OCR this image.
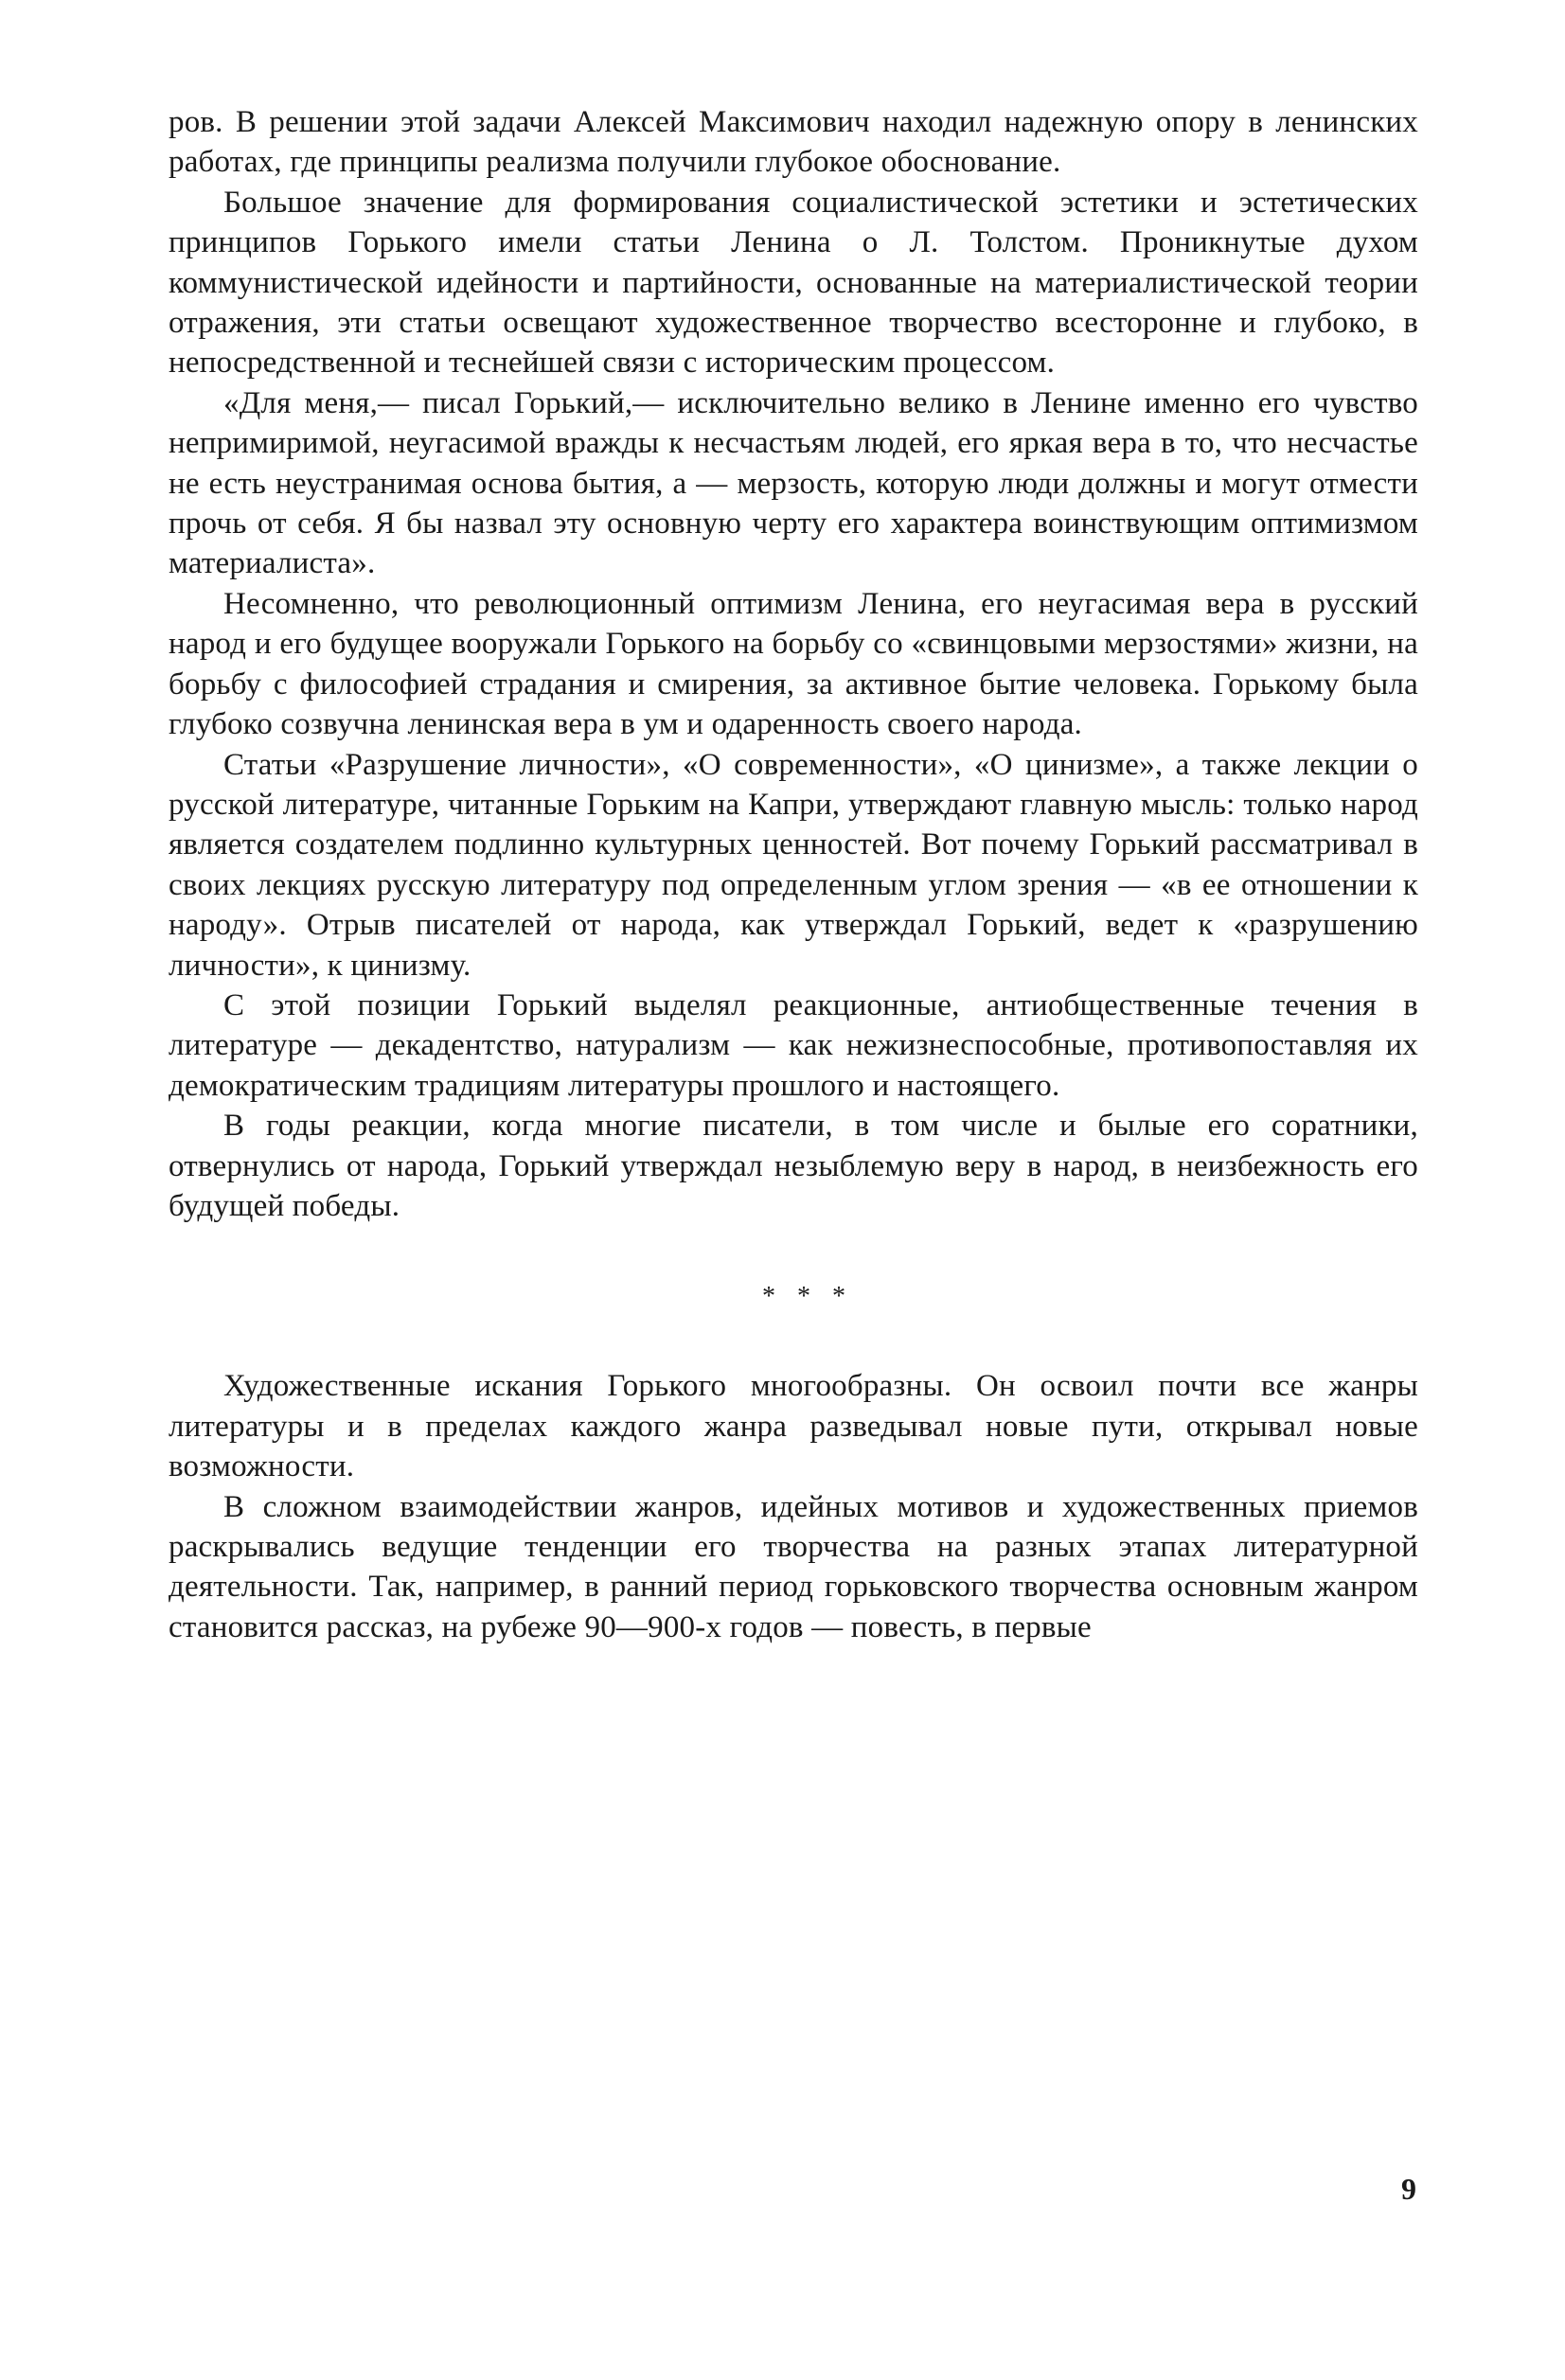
ров. В решении этой задачи Алексей Максимович находил надежную опору в ленинских работах, где принципы реализма получили глубокое обоснование.

Большое значение для формирования социалистической эстетики и эстетических принципов Горького имели статьи Ленина о Л. Толстом. Проникнутые духом коммунистической идейности и партийности, основанные на материалистической теории отражения, эти статьи освещают художественное творчество всесторонне и глубоко, в непосредственной и теснейшей связи с историческим процессом.

«Для меня,— писал Горький,— исключительно велико в Ленине именно его чувство непримиримой, неугасимой вражды к несчастьям людей, его яркая вера в то, что несчастье не есть неустранимая основа бытия, а — мерзость, которую люди должны и могут отмести прочь от себя. Я бы назвал эту основную черту его характера воинствующим оптимизмом материалиста».

Несомненно, что революционный оптимизм Ленина, его неугасимая вера в русский народ и его будущее вооружали Горького на борьбу со «свинцовыми мерзостями» жизни, на борьбу с философией страдания и смирения, за активное бытие человека. Горькому была глубоко созвучна ленинская вера в ум и одаренность своего народа.

Статьи «Разрушение личности», «О современности», «О цинизме», а также лекции о русской литературе, читанные Горьким на Капри, утверждают главную мысль: только народ является создателем подлинно культурных ценностей. Вот почему Горький рассматривал в своих лекциях русскую литературу под определенным углом зрения — «в ее отношении к народу». Отрыв писателей от народа, как утверждал Горький, ведет к «разрушению личности», к цинизму.

С этой позиции Горький выделял реакционные, антиобщественные течения в литературе — декадентство, натурализм — как нежизнеспособные, противопоставляя их демократическим традициям литературы прошлого и настоящего.

В годы реакции, когда многие писатели, в том числе и былые его соратники, отвернулись от народа, Горький утверждал незыблемую веру в народ, в неизбежность его будущей победы.

* * *

Художественные искания Горького многообразны. Он освоил почти все жанры литературы и в пределах каждого жанра разведывал новые пути, открывал новые возможности.

В сложном взаимодействии жанров, идейных мотивов и художественных приемов раскрывались ведущие тенденции его творчества на разных этапах литературной деятельности. Так, например, в ранний период горьковского творчества основным жанром становится рассказ, на рубеже 90—900-х годов — повесть, в первые

9
